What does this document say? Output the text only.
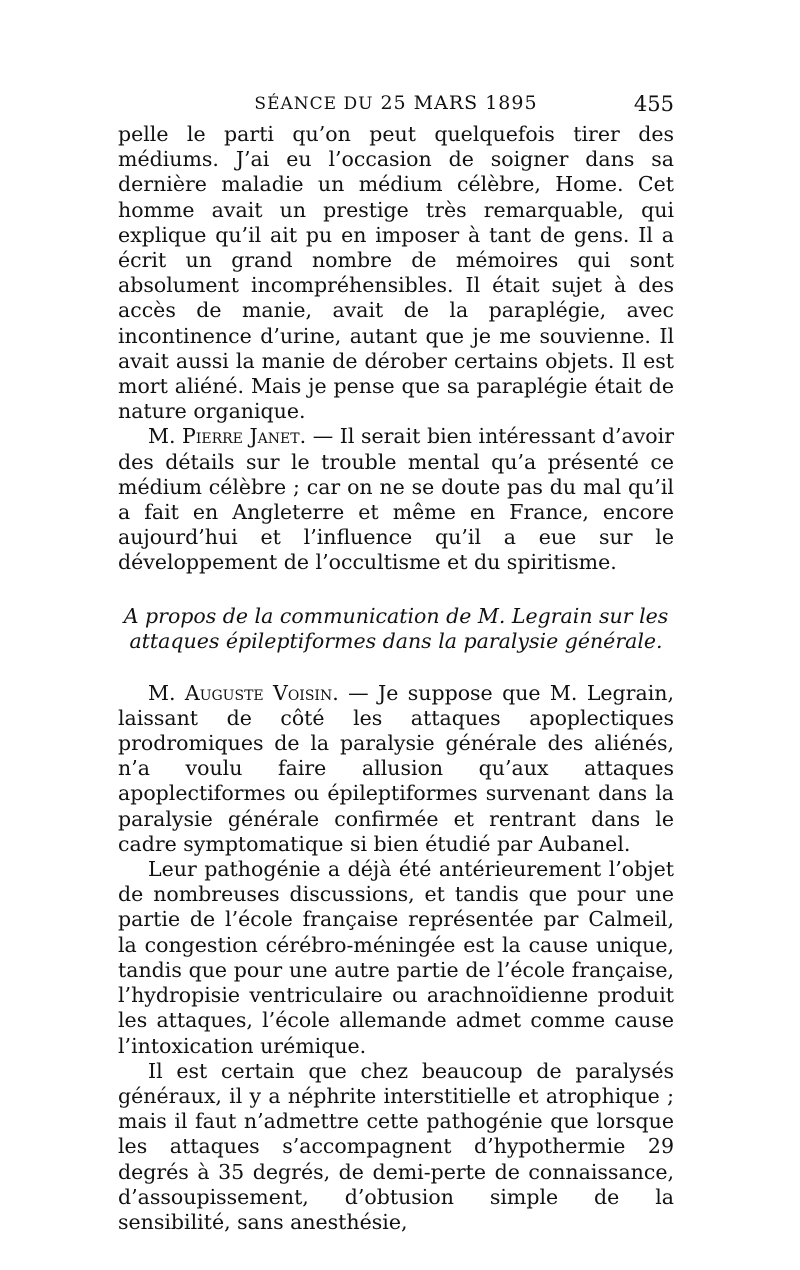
SÉANCE DU 25 MARS 1895	455

pelle le parti qu’on peut quelquefois tirer des médiums. J’ai eu l’occasion de soigner dans sa dernière maladie un médium célèbre, Home. Cet homme avait un prestige très remarquable, qui explique qu’il ait pu en imposer à tant de gens. Il a écrit un grand nombre de mémoires qui sont absolument incompréhensibles. Il était sujet à des accès de manie, avait de la paraplégie, avec incontinence d’urine, autant que je me souvienne. Il avait aussi la manie de dérober certains objets. Il est mort aliéné. Mais je pense que sa paraplégie était de nature organique.

M. Pierre Janet. — Il serait bien intéressant d’avoir des détails sur le trouble mental qu’a présenté ce médium célèbre ; car on ne se doute pas du mal qu’il a fait en Angleterre et même en France, encore aujourd’hui et l’influence qu’il a eue sur le développement de l’occultisme et du spiritisme.

A propos de la communication de M. Legrain sur les attaques épileptiformes dans la paralysie générale.

M. Auguste Voisin. — Je suppose que M. Legrain, laissant de côté les attaques apoplectiques prodromiques de la paralysie générale des aliénés, n’a voulu faire allusion qu’aux attaques apoplectiformes ou épileptiformes survenant dans la paralysie générale confirmée et rentrant dans le cadre symptomatique si bien étudié par Aubanel.

Leur pathogénie a déjà été antérieurement l’objet de nombreuses discussions, et tandis que pour une partie de l’école française représentée par Calmeil, la congestion cérébro-méningée est la cause unique, tandis que pour une autre partie de l’école française, l’hydropisie ventriculaire ou arachnoïdienne produit les attaques, l’école allemande admet comme cause l’intoxication urémique.

Il est certain que chez beaucoup de paralysés généraux, il y a néphrite interstitielle et atrophique ; mais il faut n’admettre cette pathogénie que lorsque les attaques s’accompagnent d’hypothermie 29 degrés à 35 degrés, de demi-perte de connaissance, d’assoupissement, d’obtusion simple de la sensibilité, sans anesthésie,
